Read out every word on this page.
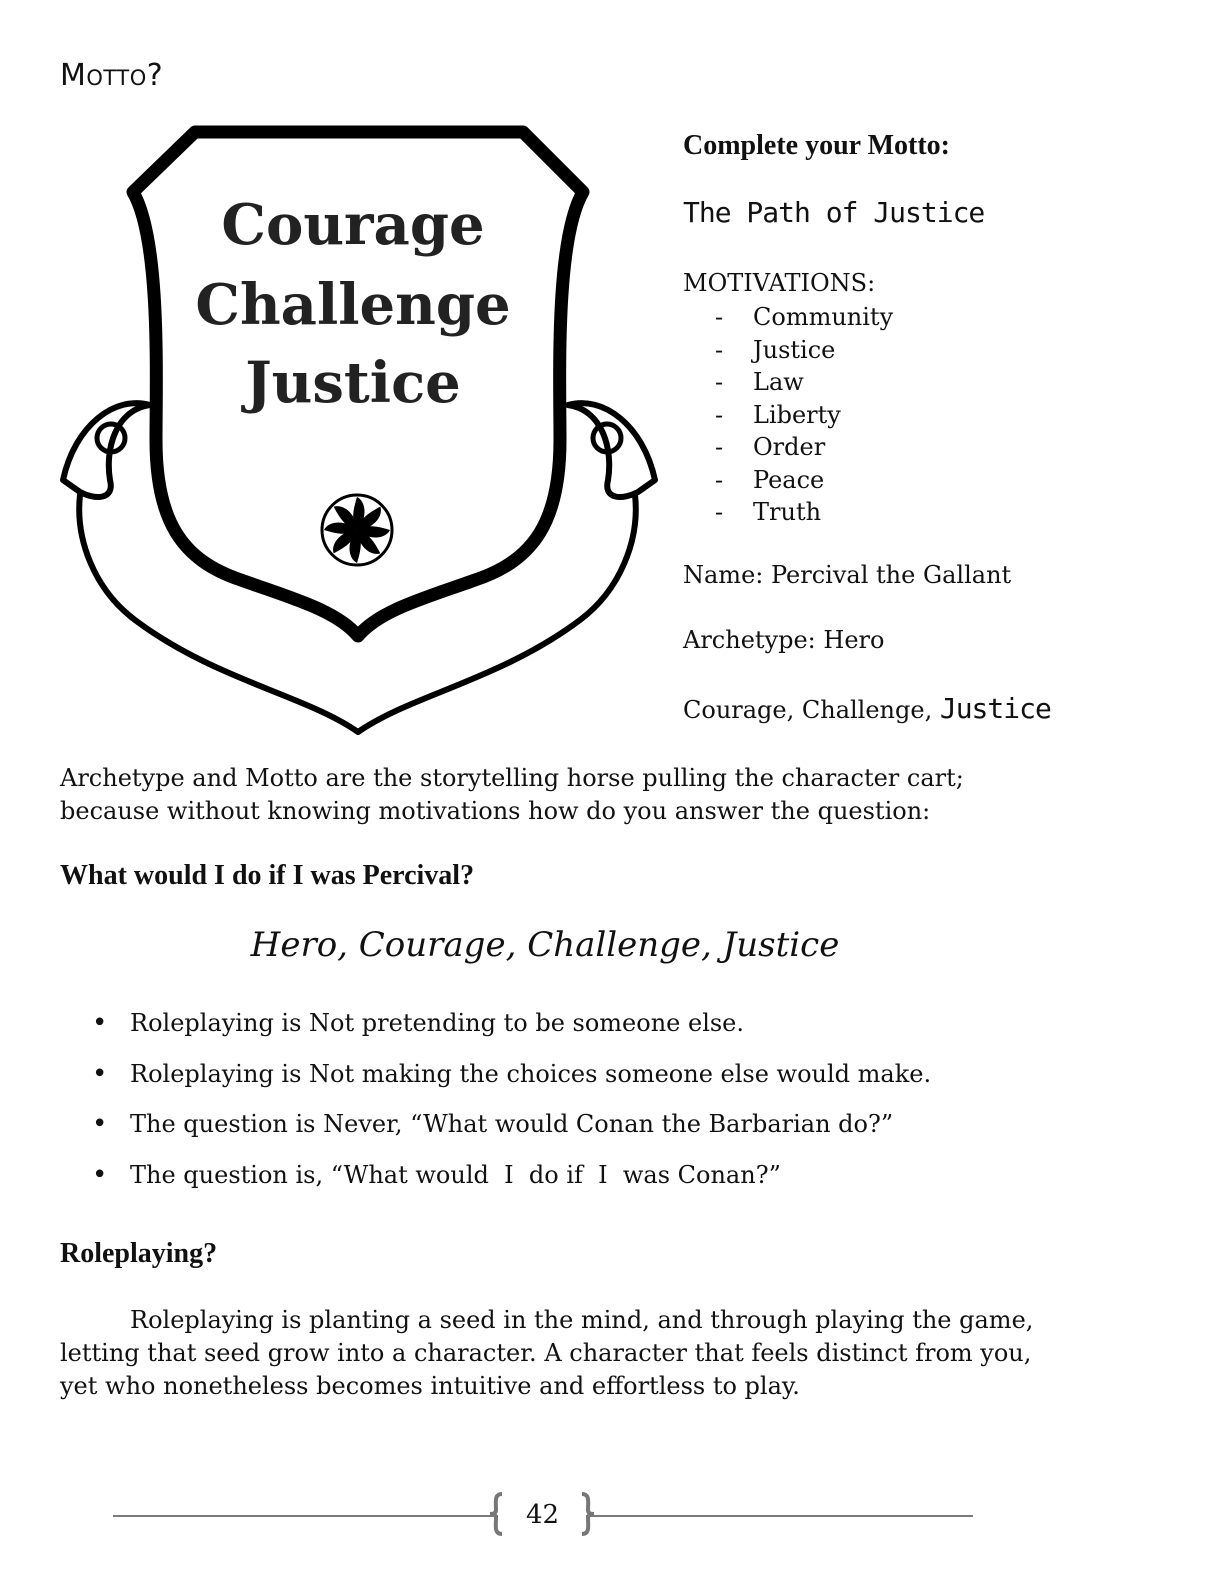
Motto?
Courage
Challenge
Justice
Complete your Motto:
The Path of Justice
MOTIVATIONS:
- Community
- Justice
- Law
- Liberty
- Order
- Peace
- Truth
Name: Percival the Gallant
Archetype: Hero
Courage, Challenge, Justice
Archetype and Motto are the storytelling horse pulling the character cart; because without knowing motivations how do you answer the question:
What would I do if I was Percival?
Hero, Courage, Challenge, Justice
• Roleplaying is Not pretending to be someone else.
• Roleplaying is Not making the choices someone else would make.
• The question is Never, “What would Conan the Barbarian do?”
• The question is, “What would  I  do if  I  was Conan?”
Roleplaying?
Roleplaying is planting a seed in the mind, and through playing the game, letting that seed grow into a character. A character that feels distinct from you, yet who nonetheless becomes intuitive and effortless to play.
42
